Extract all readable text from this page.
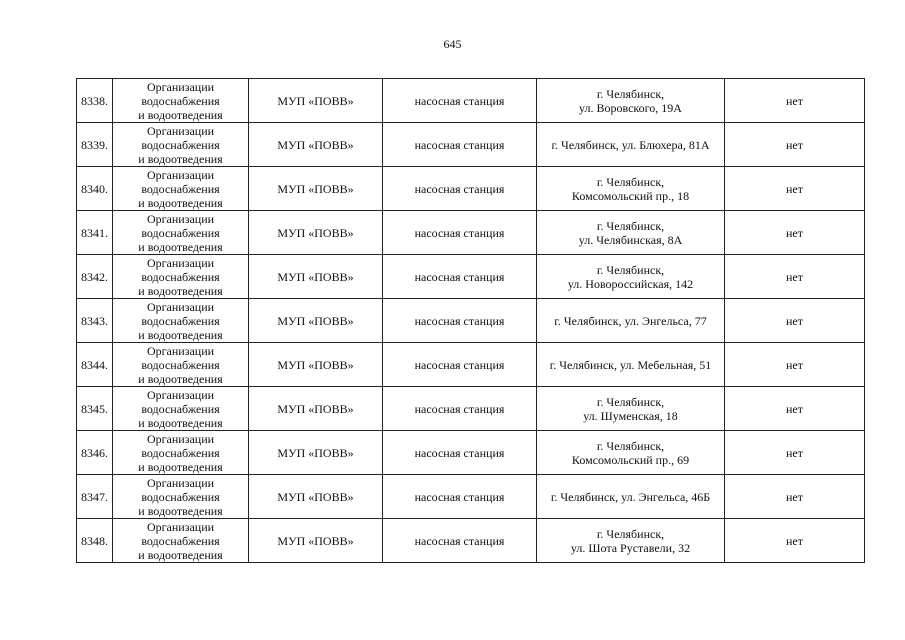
645
8338.	Организации
водоснабжения
и водоотведения	МУП «ПОВВ»	насосная станция	г. Челябинск,
ул. Воровского, 19А	нет
8339.	Организации
водоснабжения
и водоотведения	МУП «ПОВВ»	насосная станция	г. Челябинск, ул. Блюхера, 81А	нет
8340.	Организации
водоснабжения
и водоотведения	МУП «ПОВВ»	насосная станция	г. Челябинск,
Комсомольский пр., 18	нет
8341.	Организации
водоснабжения
и водоотведения	МУП «ПОВВ»	насосная станция	г. Челябинск,
ул. Челябинская, 8А	нет
8342.	Организации
водоснабжения
и водоотведения	МУП «ПОВВ»	насосная станция	г. Челябинск,
ул. Новороссийская, 142	нет
8343.	Организации
водоснабжения
и водоотведения	МУП «ПОВВ»	насосная станция	г. Челябинск, ул. Энгельса, 77	нет
8344.	Организации
водоснабжения
и водоотведения	МУП «ПОВВ»	насосная станция	г. Челябинск, ул. Мебельная, 51	нет
8345.	Организации
водоснабжения
и водоотведения	МУП «ПОВВ»	насосная станция	г. Челябинск,
ул. Шуменская, 18	нет
8346.	Организации
водоснабжения
и водоотведения	МУП «ПОВВ»	насосная станция	г. Челябинск,
Комсомольский пр., 69	нет
8347.	Организации
водоснабжения
и водоотведения	МУП «ПОВВ»	насосная станция	г. Челябинск, ул. Энгельса, 46Б	нет
8348.	Организации
водоснабжения
и водоотведения	МУП «ПОВВ»	насосная станция	г. Челябинск,
ул. Шота Руставели, 32	нет
